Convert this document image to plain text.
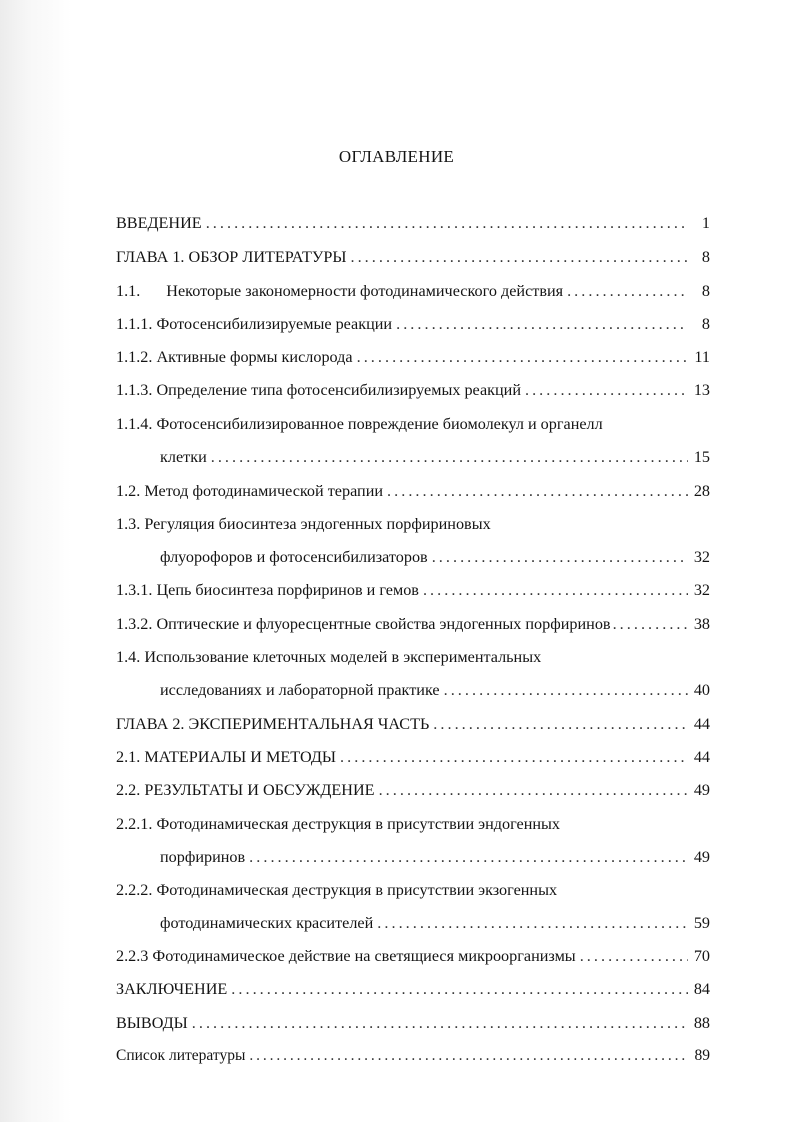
ОГЛАВЛЕНИЕ
ВВЕДЕНИЕ . . .	1
ГЛАВА 1. ОБЗОР ЛИТЕРАТУРЫ . . .	8
1.1. Некоторые закономерности фотодинамического действия . . .	8
1.1.1. Фотосенсибилизируемые реакции . . .	8
1.1.2. Активные формы кислорода . . .	11
1.1.3. Определение типа фотосенсибилизируемых реакций . . .	13
1.1.4. Фотосенсибилизированное повреждение биомолекул и органелл
клетки . . .	15
1.2. Метод фотодинамической терапии . . .	28
1.3. Регуляция биосинтеза эндогенных порфириновых
флуорофоров и фотосенсибилизаторов . . .	32
1.3.1. Цепь биосинтеза порфиринов и гемов . . .	32
1.3.2. Оптические и флуоресцентные свойства эндогенных порфиринов . . .	38
1.4. Использование клеточных моделей в экспериментальных
исследованиях и лабораторной практике . . .	40
ГЛАВА 2. ЭКСПЕРИМЕНТАЛЬНАЯ ЧАСТЬ . . .	44
2.1. МАТЕРИАЛЫ И МЕТОДЫ . . .	44
2.2. РЕЗУЛЬТАТЫ И ОБСУЖДЕНИЕ . . .	49
2.2.1. Фотодинамическая деструкция в присутствии эндогенных
порфиринов . . .	49
2.2.2. Фотодинамическая деструкция в присутствии экзогенных
фотодинамических красителей . . .	59
2.2.3 Фотодинамическое действие на светящиеся микроорганизмы . . .	70
ЗАКЛЮЧЕНИЕ . . .	84
ВЫВОДЫ . . .	88
Список литературы . . .	89
